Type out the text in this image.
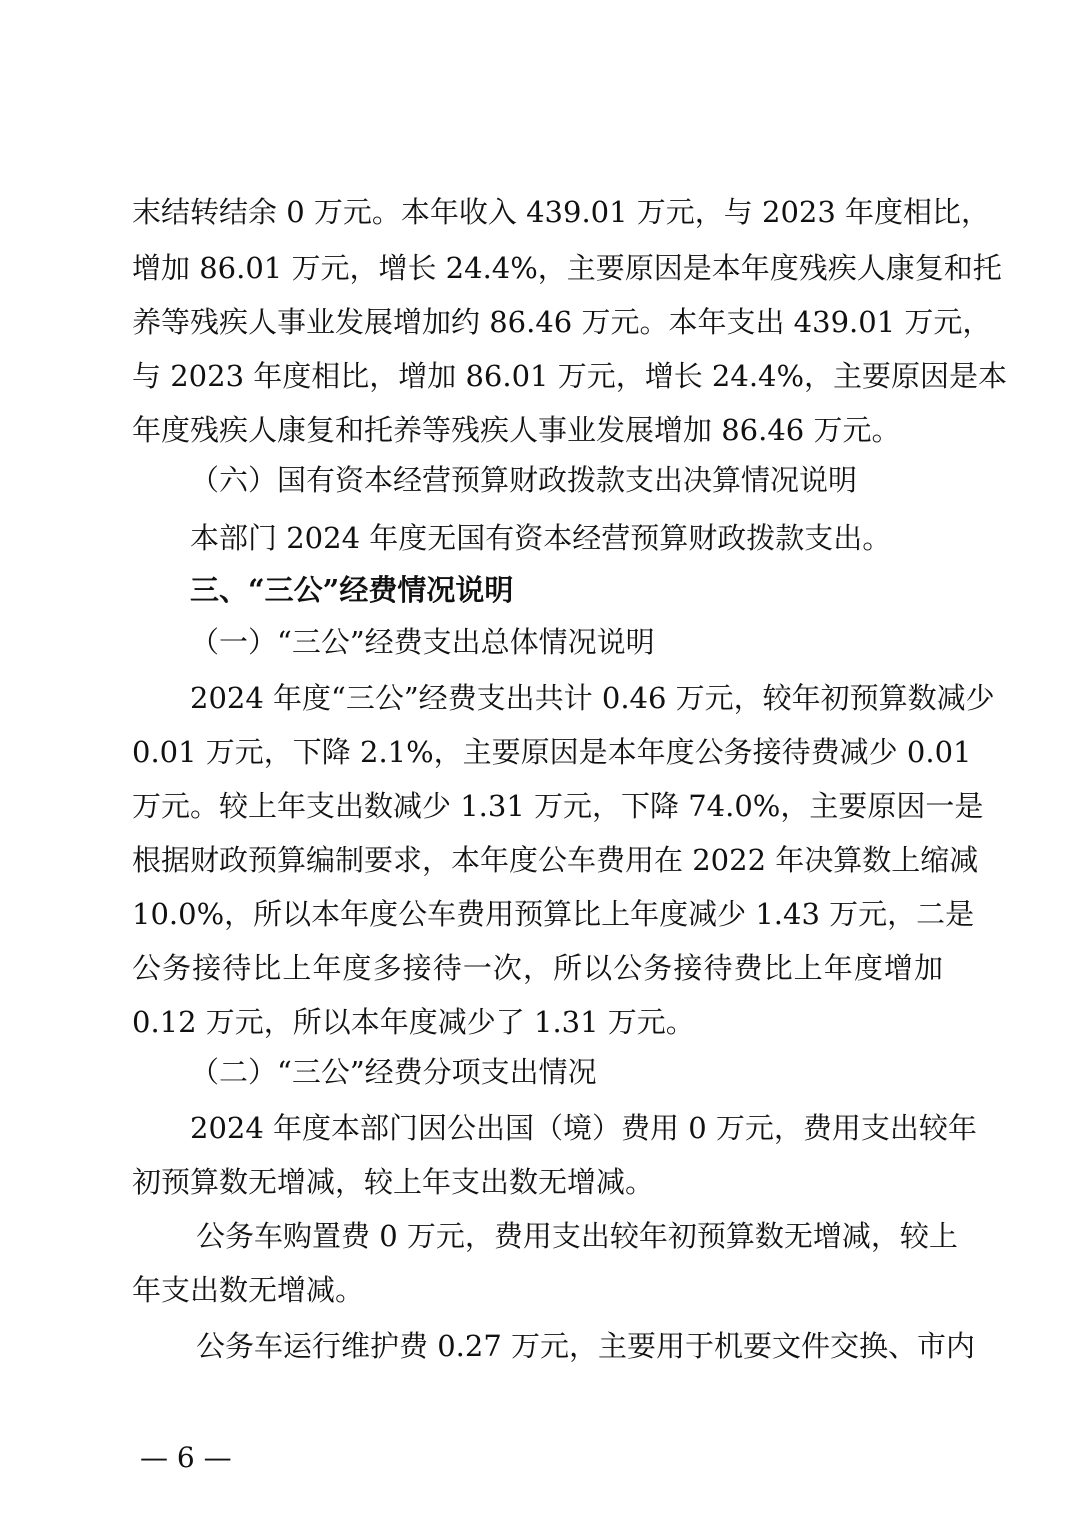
末结转结余 0 万元。本年收入 439.01 万元，与 2023 年度相比，
增加 86.01 万元，增长 24.4%，主要原因是本年度残疾人康复和托
养等残疾人事业发展增加约 86.46 万元。本年支出 439.01 万元，
与 2023 年度相比，增加 86.01 万元，增长 24.4%，主要原因是本
年度残疾人康复和托养等残疾人事业发展增加 86.46 万元。
（六）国有资本经营预算财政拨款支出决算情况说明
本部门 2024 年度无国有资本经营预算财政拨款支出。
三、“三公”经费情况说明
（一）“三公”经费支出总体情况说明
2024 年度“三公”经费支出共计 0.46 万元，较年初预算数减少
0.01 万元，下降 2.1%，主要原因是本年度公务接待费减少 0.01
万元。较上年支出数减少 1.31 万元，下降 74.0%，主要原因一是
根据财政预算编制要求，本年度公车费用在 2022 年决算数上缩减
10.0%，所以本年度公车费用预算比上年度减少 1.43 万元，二是
公务接待比上年度多接待一次，所以公务接待费比上年度增加
0.12 万元，所以本年度减少了 1.31 万元。
（二）“三公”经费分项支出情况
2024 年度本部门因公出国（境）费用 0 万元，费用支出较年
初预算数无增减，较上年支出数无增减。
公务车购置费 0 万元，费用支出较年初预算数无增减，较上
年支出数无增减。
公务车运行维护费 0.27 万元，主要用于机要文件交换、市内
— 6 —
